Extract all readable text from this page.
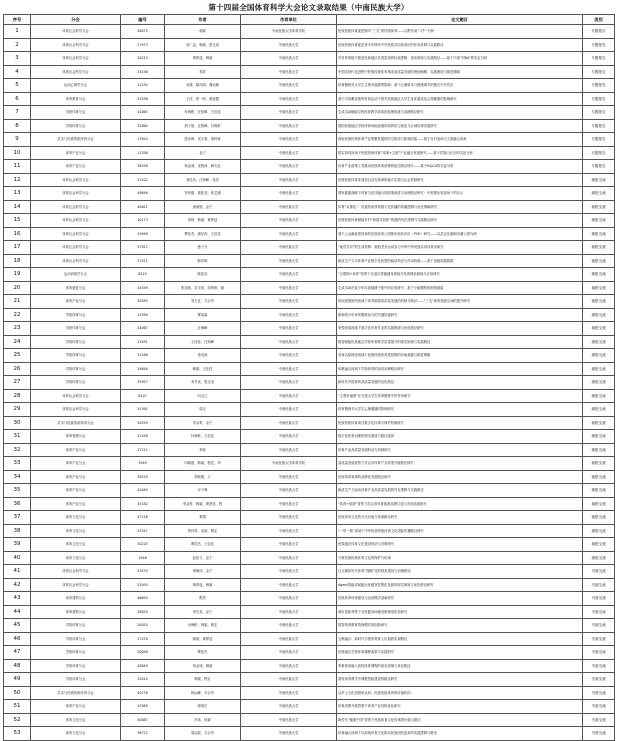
第十四届全国体育科学大会论文录取结果（中南民族大学）
序号	分会	编号	作者	作者单位	论文题目	类别
1	体育社会科学分会	56075	韩斌	中南民族大学体育学院	民族传统体育促进铸牢“三交”的传统体育——以黔东南“斗牛”为例	专题报告
2	体育社会科学分会	27973	向广益、韩斌、张迁成	中南民族大学	民族传统体育促进青少年铸牢中华民族共同体意识的作用机制与实践路径	专题报告
3	体育社会科学分会	30213	黄梦廷、韩斌	中南民族大学	乡村体育振兴推进民族地区共同富裕的价值逻辑、现实困境与实践路径——基于中部“村BA”的实证分析	专题报告
4	体育社会科学分会	24156	郑祥	中南民族大学	中国式现代化进程中民族传统体育事业高质量发展的理论阐释、实践困境与推进策略	专题报告
5	运动心理学分会	11534	吴谨、陈玮玥、谭运敏	中南民族大学	体育锻炼对大学生主观幸福感的影响：基于心理资本与情绪调节的链式中介效应	专题报告
6	体育教育分会	57036	王佳、张一鸣、黄蕊馨	中南民族大学	基于可穿戴设备的有氧运动干预对民族地区大学生身体素质及心理健康的影响研究	专题报告
7	学校体育分会	41065	付海彬、汪知峰、王佳佳	中南民族大学	生成式AI赋能学校体育教学改革的伦理挑战与治理路径研究	专题报告
8	学校体育分会	32864	胡子晨、汪知峰、付海彬	中南民族大学	我国民族地区学校体育场地设施供给的时空演变与区域协调发展研究	专题报告
9	武术与民族传统体育分会	17820	张亲珍、吴宇秦、周科桥	中南民族大学	西南民族传统体育产业集聚发展的时空格局与影响因素——基于百村电商与文旅融合视角	专题报告
10	体育产业分会	11356	金宁	中南民族大学	数实协同视角下民族传统体育“赛事+文旅”产业融合发展研究——基于武陵山片区的实证分析	专题报告
11	体育产业分会	38558	杨金城、宋程沛、韩天伦	中南民族大学	体育产业政策工具推动民族体育消费的组态路径研究——基于fsQCA的实证分析	专题报告
12	体育社会科学分会	51102	刘佳乐、汪知峰、张亮	中南民族大学	民族传统体育非遗项目活态传承的地方实践与社会机制研究	墙报交流
13	体育社会科学分会	49646	李宛儒、程佳莹、张艺涵	中南民族大学	国家健康战略下体育与医疗融合的政策演进与治理路径研究：中美德比较视角下的启示	墙报交流
14	体育社会科学分会	40621	唐雨婷、金宁	中南民族大学	体育“双重化”：民族传统体育数字化传播的传播逻辑与优化策略研究	墙报交流
15	体育社会科学分会	40173	刘婷、韩斌、黄梦廷	中南民族大学	民族传统体育赋能乡村“和谐共同体”构建的内在逻辑与实践路径研究	墙报交流
16	体育社会科学分会	29999	覃佳杰、唐忆冉、王佳佳	中南民族大学	基于公众满意度视角的民族体育公园使用现状评价（POE）研究——以武汉东湖和沙湖公园为例	墙报交流
17	体育社会科学分会	57927	盛子为	中南民族大学	“地瓜共识”的生成机制：湘西龙舟运动参与中的中华民族共同体意识研究	墙报交流
18	体育社会科学分会	27421	韩祥明	中南民族大学	新质生产力对体育产业数字化转型的驱动效应与作用机理——基于省级面板数据	墙报交流
19	运动训练学分会	8225	陈佳宾	中南民族大学	“互联网+体育”背景下自适应智能健身系统开发的理论基础与应用研究	墙报交流
20	体育康复分会	44559	张尧欢、宋宇欣、周科桥、谢	中南民族大学	生成式AI在青少年体质健康干预中的应用研究：基于小鼠模型的机制探索	墙报交流
21	体育产业分会	30583	刘方宜、平志华	中南民族大学	时间民族团结视域下体育旅游高质量发展的机制与路径——“三交”体育旅游空间的提升研究	墙报交流
22	学校体育分会	12590	覃浩森	中南民族大学	影响青少年体育锻炼参与的关键因素研究	墙报交流
23	学校体育分会	24067	汪海峰	中南民族大学	家校协同视域下数字化体育作业的实施困境与优化路径研究	墙报交流
24	学校体育分会	21491	王佳佳、汪知峰	中南民族大学	数智赋能民族地区学校体育教学质量提升的现实困境与实践路径	墙报交流
25	学校体育分会	31168	徐丞涛	中南民族大学	具身认知理论视域下民族传统体育进校园的价值意蕴与推进策略	墙报交流
26	学校体育分会	29846	韩斌、王佳佳	中南民族大学	体教融合视域下学校体育的协同治理路径研究	墙报交流
27	学校体育分会	35927	李冬泉、张迁成	中南民族大学	新时代中国体育高质量发展的优化路径	墙报交流
28	体育社会科学分会	8107	向迁辽	中南民族大学	“主观幸福感”在完善大学生体育锻炼中的作用研究	墙报交流
29	体育社会科学分会	51391	周迁	中南民族大学	体育锻炼对大学生心理健康的影响研究	墙报交流
30	武术与民族传统体育分会	50293	李金莺、金宁	中南民族大学	民族传统体育项目数字化传承与保护机制研究	墙报交流
31	体育管理分会	41458	付海彬、王佳佳	中南民族大学	数字化体育治理的现实困境与路径选择	墙报交流
32	体育产业分会	27212	李莉	中南民族大学	体育产业高质量发展的动力机制研究	墙报交流
33	体育产业分会	3949	印晓艳、韩斌、程宏、李	中南民族大学体育学院	高质量发展背景下武汉市体育产业转型升级路径研究	墙报交流
34	体育产业分会	38470	李熙雅、王	中南民族大学	民族体育赛事的品牌化发展路径研究	墙报交流
35	体育产业分会	42484	付子萌	中南民族大学	新质生产力驱动体育产业高质量发展的内在逻辑与实践路径	墙报交流
36	体育产业分会	45182	李金莺、韩斌、黄梦廷、程	中南民族大学	“体育+旅游”背景下武汉市体育旅游品牌打造与市场拓展研究	墙报交流
37	体育文化分会	47118	黄璟	中南民族大学	民族体育文化的当代价值与传承路径研究	墙报交流
38	体育文化分会	53347	张梓祥、宋淇、程宏	中南民族大学	“一带一路”视域下中华民族传统体育文化国际传播路径研究	墙报交流
39	体育文化分会	30225	覃佳杰、王佳佳	中南民族大学	民族地区体育文化建设现状与对策研究	墙报交流
40	体育文化分会	1946	赵浩义、金宁	中南民族大学	少数民族传统体育文化的保护与传承	墙报交流
41	体育社会科学分会	53233	黄海伟、金宁	中南民族大学	社交媒体时代体育“饭圈”化的现象透视与治理路径	书面交流
42	体育社会科学分会	52093	黄梦廷、韩斌	中南民族大学	Agent智能体赋能全民健身智慧化发展的现实困境与优化路径研究	书面交流
43	体育建筑分会	46650	程君	中南民族大学	民族体育场馆建设与运营模式创新研究	书面交流
44	体育建筑分会	28020	李宏英、金宁	中南民族大学	城市更新背景下全民健身场地设施规划布局研究	书面交流
45	学校体育分会	20025	付海彬、韩斌、程宏	中南民族大学	数智体育教育管理模式的创新研究	书面交流
46	学校体育分会	27470	韩斌、黄梦廷	中南民族大学	五维融合：新时代学校体育育人价值的实现路径	书面交流
47	学校体育分会	20098	覃佳杰	中南民族大学	民族地区学校体育课程改革与实践研究	书面交流
48	学校体育分会	40849	杨金城、韩斌	中南民族大学	军事体育融入高校体育课程的现实困境与优化路径	书面交流
49	学校体育分会	32014	韩斌、程宏	中南民族大学	高校体育教学中课程思政建设的路径研究	书面交流
50	武术与民族传统体育分会	40776	杨运峰、平志华	中南民族大学	从乡土文化到国家认同：民族传统体育的价值转向	书面交流
51	体育产业分会	47085	程润宇	中南民族大学	体育消费升级背景下体育产业结构优化研究	书面交流
52	体育文化分会	50087	冯玮、杨斌	中南民族大学	新时代“健康中国”背景下民族体育文化传承的价值与路径	书面交流
53	体育文化分会	38722	周启政、平志华	中南民族大学	体育融合视域下以传统体育文化推动民族团结进步的实践逻辑与路径	书面交流
